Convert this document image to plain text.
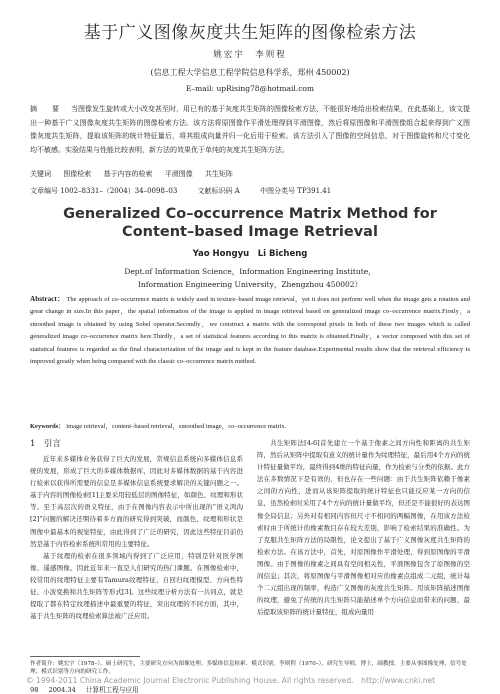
基于广义图像灰度共生矩阵的图像检索方法
姚宏宇　李则程
(信息工程大学信息工程学院信息科学系，郑州 450002)
E–mail: upRising78@hotmail.com
摘　要 当图像发生旋转或大小改变甚至时，用已有的基于灰度共生矩阵的图像检索方法，不能很好地给出检索结果，在此基础上，该文提出一种基于广义图像灰度共生矩阵的图像检索方法。该方法将原图像作平滑处理得到平滑图像，然后将原图像和平滑图像组合起来得到广义图像灰度共生矩阵，提取该矩阵的统计特征量后，将其组成向量并归一化后用于检索。该方法引入了图像的空间信息，对于图像旋转和尺寸变化均不敏感。实验结果与性能比较表明，新方法的效果优于单纯的灰度共生矩阵方法。
关键词 图像检索 基于内容的检索 平滑图像 共生矩阵
文章编号 1002–8331–（2004）34–0098–03	文献标识码 A	中图分类号 TP391.41
Generalized Co–occurrence Matrix Method for
Content–based Image Retrieval
Yao Hongyu　Li Bicheng
Dept.of Information Science，Information Engineering Institute，
Information Engineering University，Zhengzhou 450002）
Abstract： The approach of co–occurrence matrix is widely used in texture–based image retrieval，yet it does not perform well when the image gets a rotation and great change in size.In this paper，the spatial information of the image is applied in image retrieval based on generalized image co–occurrence matrix.Firstly，a smoothed image is obtained by using Sobel operator.Secondly，we construct a matrix with the correspond pixels in both of these two images which is called generalized image co–occurrence matrix here.Thirdly，a set of statistical features according to this matrix is obtained.Finally，a vector composed with this set of statistical features is regarded as the final characterization of the image and is kept in the feature database.Experimental results show that the retrieval efficiency is improved greatly when being compared with the classic co–occurrence matrix method.
Keywords： image retrieval，content–based retrieval，smoothed image，co–occurrence matrix.
1　引言

近年来多媒体业务获得了巨大的发展，常规信息系统向多媒体信息系统的发展，形成了巨大的多媒体数据库，因此对多媒体数据的基于内容进行检索以获得所需要的信息是多媒体信息系统要求解决的关键问题之一。基于内容的图像检索[1]主要采用较低层的图像特征，如颜色、纹理和形状等。至于高层次的语义特征，由于在图像内容表示中所出现的“语义鸿沟[2]”问题的解决还期待着多方面的研究得到突破，而颜色、纹理和形状是图像中最基本的视觉特征，由此得到了广泛的研究，因此这些特征目前仍然是基于内容检索系统所常用的主要特征。

基于纹理的检索在很多领域内得到了广泛应用，特别是针对医学图像、遥感图像。因此近年来一直是人们研究的热门课题。在图像检索中，较常用的纹理特征主要有Tamura纹理特征、自回归纹理模型、方向性特征、小波变换和共生矩阵等形式[3]。这些纹理分析方法有一共同点，就是提取了都在特定纹理描述中最重要的特征，突出纹理的不同方面，其中，基于共生矩阵的纹理检索算法被广泛应用。

共生矩阵法[4-6]首先建立一个基于像素之间方向性和距离的共生矩阵，然后从矩阵中提取有意义的统计量作为纹理特征，最后用4个方向的统计特征量做平均，最终得到4维的特征向量，作为检索与分类的依据。此方法在多数情况下是有效的，但也存在一些问题：由于共生矩阵依赖于像素之间的方向性，进而从该矩阵提取的统计特征也只能反应某一方向的信息，虽然检索时采用了4个方向的统计量做平均，但还是不能很好的表达图像全局信息；另外对有相同内容但尺寸不相同的两幅图像，在用该方法检索时由于所统计的像素数目存在较大差别，影响了检索结果的准确性。为了克服共生矩阵方法的局限性，论文提出了基于广义图像灰度共生矩阵的检索方法。在该方法中，首先，对原图像作平滑处理，得到原图像的平滑图像。由于图像的像素之间具有空间相关性，平滑图像包含了原图像的空间信息；其次，将原图像与平滑图像相对应的像素点组成二元组，统计每个二元组出现的频率，构造广义图像的灰度共生矩阵。用该矩阵描述图像的纹理，避免了传统的共生矩阵只能描述单个方向信息而带来的问题，最后提取该矩阵的统计量特征，组成向量用

作者简介：姚宏宇（1978–），硕士研究生，主要研究方向为图像处理、多媒体信息检索、模式识别。李则程（1970–），研究生导师，博士，副教授，主要从事图像处理、信号处理、模式识别等方向的研究工作。
© 1994-2011 China Academic Journal Electronic Publishing House. All rights reserved.　http://www.cnki.net
98 2004.34 计算机工程与应用
